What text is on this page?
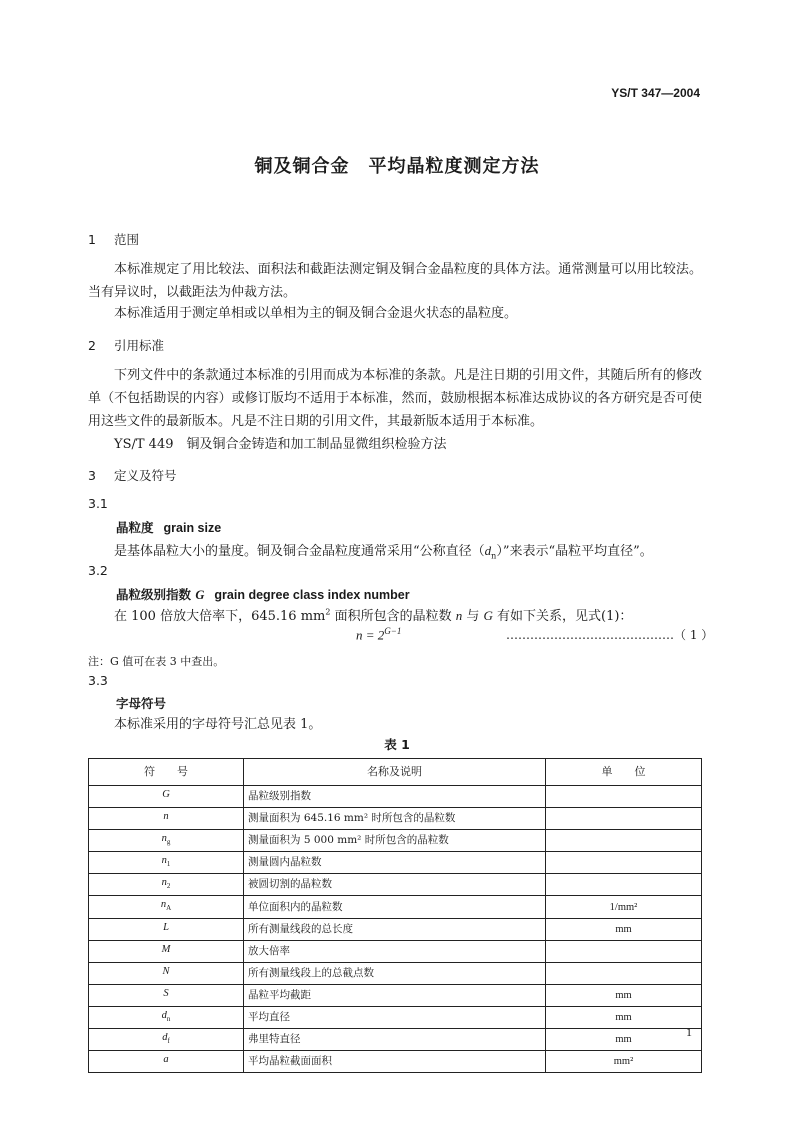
YS/T 347—2004
铜及铜合金　平均晶粒度测定方法
1 范围
本标准规定了用比较法、面积法和截距法测定铜及铜合金晶粒度的具体方法。通常测量可以用比较法。当有异议时，以截距法为仲裁方法。
本标准适用于测定单相或以单相为主的铜及铜合金退火状态的晶粒度。
2 引用标准
下列文件中的条款通过本标准的引用而成为本标准的条款。凡是注日期的引用文件，其随后所有的修改单（不包括勘误的内容）或修订版均不适用于本标准，然而，鼓励根据本标准达成协议的各方研究是否可使用这些文件的最新版本。凡是不注日期的引用文件，其最新版本适用于本标准。
YS/T 449　铜及铜合金铸造和加工制品显微组织检验方法
3 定义及符号
3.1
晶粒度 grain size
是基体晶粒大小的量度。铜及铜合金晶粒度通常采用“公称直径$(d_n)$”来表示“晶粒平均直径”。
3.2
晶粒级别指数 G grain degree class index number
在 100 倍放大倍率下，645.16 $mm^2$ 面积所包含的晶粒数 n 与 G 有如下关系，见式(1)：
$n = 2^{G-1}$	……………………………………（ 1 ）
注：G 值可在表 3 中查出。
3.3
字母符号
本标准采用的字母符号汇总见表 1。
表 1
符　　号	名称及说明	单　　位
G	晶粒级别指数	
n	测量面积为 645.16 mm² 时所包含的晶粒数	
$n_g$	测量面积为 5 000 mm² 时所包含的晶粒数	
$n_1$	测量圆内晶粒数	
$n_2$	被圆切割的晶粒数	
$n_A$	单位面积内的晶粒数	1/mm²
L	所有测量线段的总长度	mm
M	放大倍率	
N	所有测量线段上的总截点数	
S	晶粒平均截距	mm
$d_n$	平均直径	mm
$d_f$	弗里特直径	mm
a	平均晶粒截面面积	mm²
1
